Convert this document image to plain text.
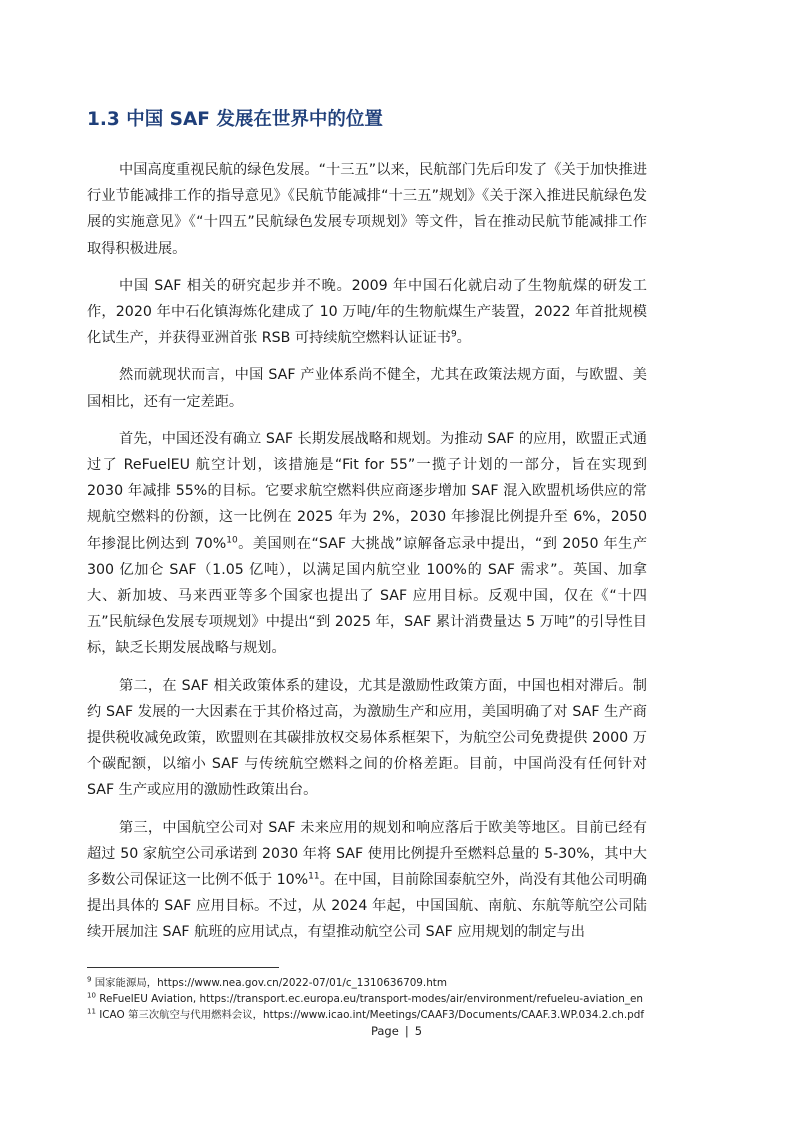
1.3 中国 SAF 发展在世界中的位置

中国高度重视民航的绿色发展。“十三五”以来，民航部门先后印发了《关于加快推进行业节能减排工作的指导意见》《民航节能减排“十三五”规划》《关于深入推进民航绿色发展的实施意见》《“十四五”民航绿色发展专项规划》等文件，旨在推动民航节能减排工作取得积极进展。

中国 SAF 相关的研究起步并不晚。2009 年中国石化就启动了生物航煤的研发工作，2020 年中石化镇海炼化建成了 10 万吨/年的生物航煤生产装置，2022 年首批规模化试生产，并获得亚洲首张 RSB 可持续航空燃料认证证书$^9$。

然而就现状而言，中国 SAF 产业体系尚不健全，尤其在政策法规方面，与欧盟、美国相比，还有一定差距。

首先，中国还没有确立 SAF 长期发展战略和规划。为推动 SAF 的应用，欧盟正式通过了 ReFuelEU 航空计划，该措施是“Fit for 55”一揽子计划的一部分，旨在实现到 2030 年减排 55%的目标。它要求航空燃料供应商逐步增加 SAF 混入欧盟机场供应的常规航空燃料的份额，这一比例在 2025 年为 2%，2030 年掺混比例提升至 6%，2050 年掺混比例达到 70%$^{10}$。美国则在“SAF 大挑战”谅解备忘录中提出，“到 2050 年生产 300 亿加仑 SAF（1.05 亿吨），以满足国内航空业 100%的 SAF 需求”。英国、加拿大、新加坡、马来西亚等多个国家也提出了 SAF 应用目标。反观中国，仅在《“十四五”民航绿色发展专项规划》中提出“到 2025 年，SAF 累计消费量达 5 万吨”的引导性目标，缺乏长期发展战略与规划。

第二，在 SAF 相关政策体系的建设，尤其是激励性政策方面，中国也相对滞后。制约 SAF 发展的一大因素在于其价格过高，为激励生产和应用，美国明确了对 SAF 生产商提供税收减免政策，欧盟则在其碳排放权交易体系框架下，为航空公司免费提供 2000 万个碳配额，以缩小 SAF 与传统航空燃料之间的价格差距。目前，中国尚没有任何针对 SAF 生产或应用的激励性政策出台。

第三，中国航空公司对 SAF 未来应用的规划和响应落后于欧美等地区。目前已经有超过 50 家航空公司承诺到 2030 年将 SAF 使用比例提升至燃料总量的 5-30%，其中大多数公司保证这一比例不低于 10%$^{11}$。在中国，目前除国泰航空外，尚没有其他公司明确提出具体的 SAF 应用目标。不过，从 2024 年起，中国国航、南航、东航等航空公司陆续开展加注 SAF 航班的应用试点，有望推动航空公司 SAF 应用规划的制定与出

$^9$ 国家能源局，https://www.nea.gov.cn/2022-07/01/c_1310636709.htm
$^{10}$ ReFuelEU Aviation, https://transport.ec.europa.eu/transport-modes/air/environment/refueleu-aviation_en
$^{11}$ ICAO 第三次航空与代用燃料会议，https://www.icao.int/Meetings/CAAF3/Documents/CAAF.3.WP.034.2.ch.pdf
Page | 5
